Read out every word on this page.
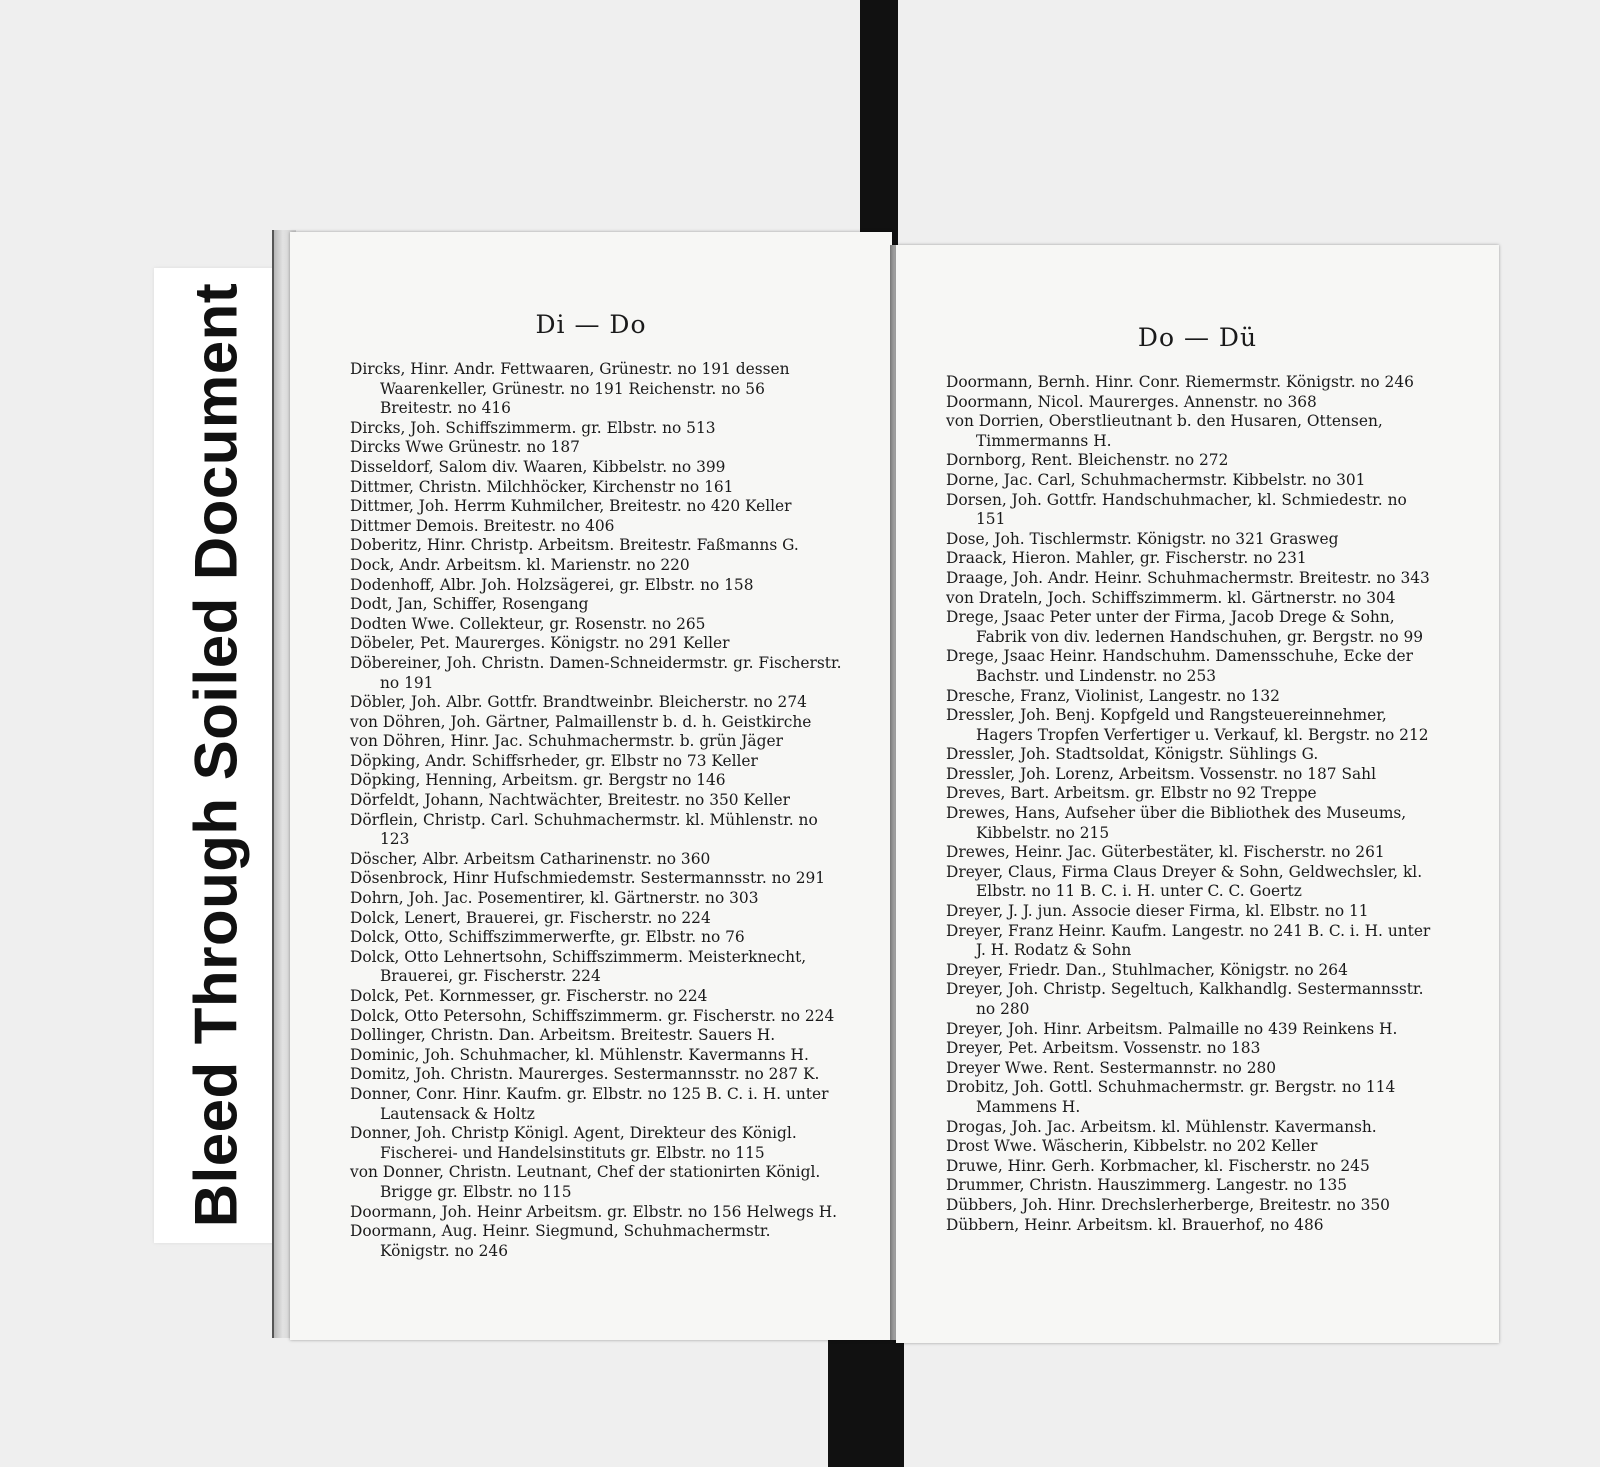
Bleed Through Soiled Document	Di — Do
Dircks, Hinr. Andr. Fettwaaren, Grünestr. no 191 dessen Waarenkeller, Grünestr. no 191 Reichenstr. no 56 Breitestr. no 416
Dircks, Joh. Schiffszimmerm. gr. Elbstr. no 513
Dircks Wwe Grünestr. no 187
Disseldorf, Salom div. Waaren, Kibbelstr. no 399
Dittmer, Christn. Milchhöcker, Kirchenstr no 161
Dittmer, Joh. Herrm Kuhmilcher, Breitestr. no 420 Keller
Dittmer Demois. Breitestr. no 406
Doberitz, Hinr. Christp. Arbeitsm. Breitestr. Faßmanns G.
Dock, Andr. Arbeitsm. kl. Marienstr. no 220
Dodenhoff, Albr. Joh. Holzsägerei, gr. Elbstr. no 158
Dodt, Jan, Schiffer, Rosengang
Dodten Wwe. Collekteur, gr. Rosenstr. no 265
Döbeler, Pet. Maurerges. Königstr. no 291 Keller
Döbereiner, Joh. Christn. Damen-Schneidermstr. gr. Fischerstr. no 191
Döbler, Joh. Albr. Gottfr. Brandtweinbr. Bleicherstr. no 274
von Döhren, Joh. Gärtner, Palmaillenstr b. d. h. Geistkirche
von Döhren, Hinr. Jac. Schuhmachermstr. b. grün Jäger
Döpking, Andr. Schiffsrheder, gr. Elbstr no 73 Keller
Döpking, Henning, Arbeitsm. gr. Bergstr no 146
Dörfeldt, Johann, Nachtwächter, Breitestr. no 350 Keller
Dörflein, Christp. Carl. Schuhmachermstr. kl. Mühlenstr. no 123
Döscher, Albr. Arbeitsm Catharinenstr. no 360
Dösenbrock, Hinr Hufschmiedemstr. Sestermannsstr. no 291
Dohrn, Joh. Jac. Posementirer, kl. Gärtnerstr. no 303
Dolck, Lenert, Brauerei, gr. Fischerstr. no 224
Dolck, Otto, Schiffszimmerwerfte, gr. Elbstr. no 76
Dolck, Otto Lehnertsohn, Schiffszimmerm. Meisterknecht, Brauerei, gr. Fischerstr. 224
Dolck, Pet. Kornmesser, gr. Fischerstr. no 224
Dolck, Otto Petersohn, Schiffszimmerm. gr. Fischerstr. no 224
Dollinger, Christn. Dan. Arbeitsm. Breitestr. Sauers H.
Dominic, Joh. Schuhmacher, kl. Mühlenstr. Kavermanns H.
Domitz, Joh. Christn. Maurerges. Sestermannsstr. no 287 K.
Donner, Conr. Hinr. Kaufm. gr. Elbstr. no 125 B. C. i. H. unter Lautensack & Holtz
Donner, Joh. Christp Königl. Agent, Direkteur des Königl. Fischerei- und Handelsinstituts gr. Elbstr. no 115
von Donner, Christn. Leutnant, Chef der stationirten Königl. Brigge gr. Elbstr. no 115
Doormann, Joh. Heinr Arbeitsm. gr. Elbstr. no 156 Helwegs H.
Doormann, Aug. Heinr. Siegmund, Schuhmachermstr. Königstr. no 246
Do — Dü
Doormann, Bernh. Hinr. Conr. Riemermstr. Königstr. no 246
Doormann, Nicol. Maurerges. Annenstr. no 368
von Dorrien, Oberstlieutnant b. den Husaren, Ottensen, Timmermanns H.
Dornborg, Rent. Bleichenstr. no 272
Dorne, Jac. Carl, Schuhmachermstr. Kibbelstr. no 301
Dorsen, Joh. Gottfr. Handschuhmacher, kl. Schmiedestr. no 151
Dose, Joh. Tischlermstr. Königstr. no 321 Grasweg
Draack, Hieron. Mahler, gr. Fischerstr. no 231
Draage, Joh. Andr. Heinr. Schuhmachermstr. Breitestr. no 343
von Drateln, Joch. Schiffszimmerm. kl. Gärtnerstr. no 304
Drege, Jsaac Peter unter der Firma, Jacob Drege & Sohn, Fabrik von div. ledernen Handschuhen, gr. Bergstr. no 99
Drege, Jsaac Heinr. Handschuhm. Damensschuhe, Ecke der Bachstr. und Lindenstr. no 253
Dresche, Franz, Violinist, Langestr. no 132
Dressler, Joh. Benj. Kopfgeld und Rangsteuereinnehmer, Hagers Tropfen Verfertiger u. Verkauf, kl. Bergstr. no 212
Dressler, Joh. Stadtsoldat, Königstr. Sühlings G.
Dressler, Joh. Lorenz, Arbeitsm. Vossenstr. no 187 Sahl
Dreves, Bart. Arbeitsm. gr. Elbstr no 92 Treppe
Drewes, Hans, Aufseher über die Bibliothek des Museums, Kibbelstr. no 215
Drewes, Heinr. Jac. Güterbestäter, kl. Fischerstr. no 261
Dreyer, Claus, Firma Claus Dreyer & Sohn, Geldwechsler, kl. Elbstr. no 11 B. C. i. H. unter C. C. Goertz
Dreyer, J. J. jun. Associe dieser Firma, kl. Elbstr. no 11
Dreyer, Franz Heinr. Kaufm. Langestr. no 241 B. C. i. H. unter J. H. Rodatz & Sohn
Dreyer, Friedr. Dan., Stuhlmacher, Königstr. no 264
Dreyer, Joh. Christp. Segeltuch, Kalkhandlg. Sestermannsstr. no 280
Dreyer, Joh. Hinr. Arbeitsm. Palmaille no 439 Reinkens H.
Dreyer, Pet. Arbeitsm. Vossenstr. no 183
Dreyer Wwe. Rent. Sestermannstr. no 280
Drobitz, Joh. Gottl. Schuhmachermstr. gr. Bergstr. no 114 Mammens H.
Drogas, Joh. Jac. Arbeitsm. kl. Mühlenstr. Kavermansh.
Drost Wwe. Wäscherin, Kibbelstr. no 202 Keller
Druwe, Hinr. Gerh. Korbmacher, kl. Fischerstr. no 245
Drummer, Christn. Hauszimmerg. Langestr. no 135
Dübbers, Joh. Hinr. Drechslerherberge, Breitestr. no 350
Dübbern, Heinr. Arbeitsm. kl. Brauerhof, no 486
